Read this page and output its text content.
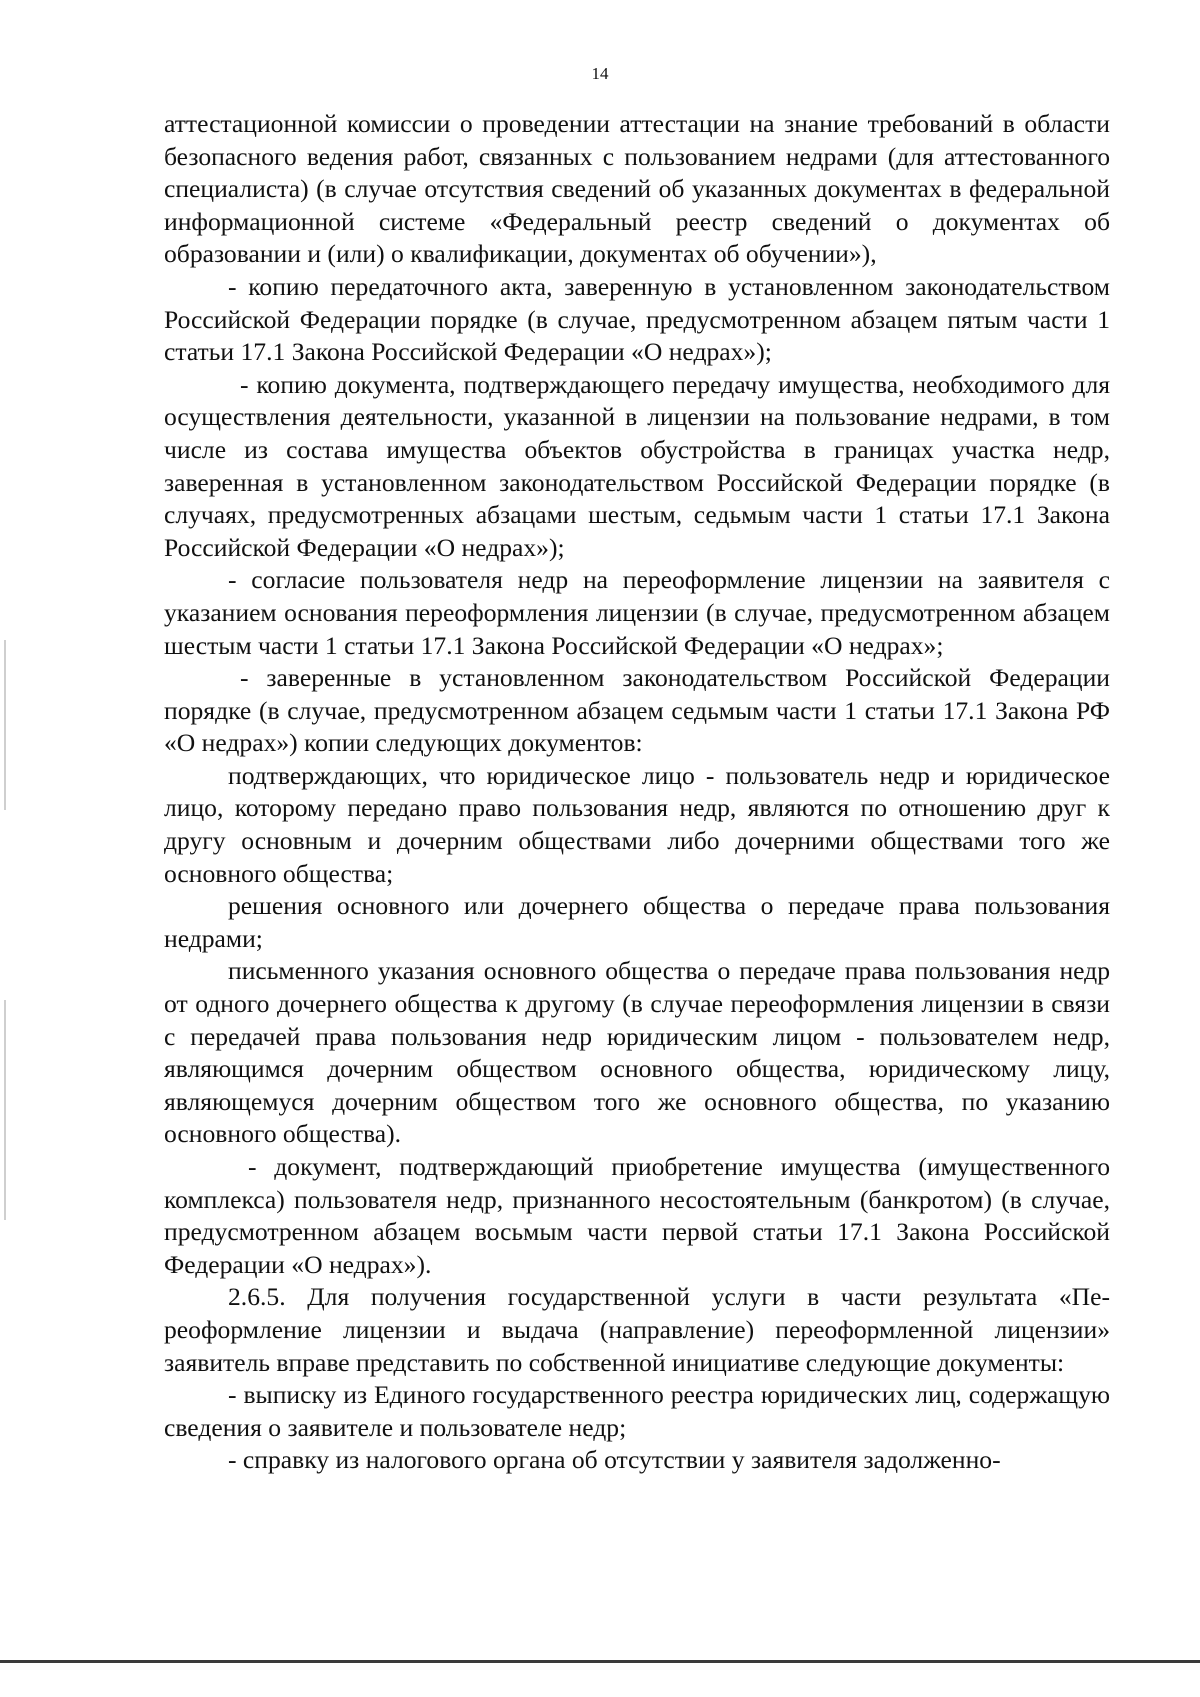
14

аттестационной комиссии о проведении аттестации на знание требований в области безопасного ведения работ, связанных с пользованием недрами (для аттестованного специалиста) (в случае отсутствия сведений об указанных документах в федеральной информационной системе «Федеральный реестр сведений о документах об образовании и (или) о квалификации, документах об обучении»),

- копию передаточного акта, заверенную в установленном законодательством Российской Федерации порядке (в случае, предусмотренном абзацем пятым части 1 статьи 17.1 Закона Российской Федерации «О недрах»);

- копию документа, подтверждающего передачу имущества, необходимого для осуществления деятельности, указанной в лицензии на пользование недрами, в том числе из состава имущества объектов обустройства в границах участка недр, заверенная в установленном законодательством Российской Федерации порядке (в случаях, предусмотренных абзацами шестым, седьмым части 1 статьи 17.1 Закона Российской Федерации «О недрах»);

- согласие пользователя недр на переоформление лицензии на заявителя с указанием основания переоформления лицензии (в случае, предусмотренном абзацем шестым части 1 статьи 17.1 Закона Российской Федерации «О недрах»;

- заверенные в установленном законодательством Российской Федерации порядке (в случае, предусмотренном абзацем седьмым части 1 статьи 17.1 Закона РФ «О недрах») копии следующих документов:

подтверждающих, что юридическое лицо - пользователь недр и юридическое лицо, которому передано право пользования недр, являются по отношению друг к другу основным и дочерним обществами либо дочерними обществами того же основного общества;

решения основного или дочернего общества о передаче права пользования недрами;

письменного указания основного общества о передаче права пользования недр от одного дочернего общества к другому (в случае переоформления лицензии в связи с передачей права пользования недр юридическим лицом - пользователем недр, являющимся дочерним обществом основного общества, юридическому лицу, являющемуся дочерним обществом того же основного общества, по указанию основного общества).

- документ, подтверждающий приобретение имущества (имущественного комплекса) пользователя недр, признанного несостоятельным (банкротом) (в случае, предусмотренном абзацем восьмым части первой статьи 17.1 Закона Российской Федерации «О недрах»).

2.6.5. Для получения государственной услуги в части результата «Переоформление лицензии и выдача (направление) переоформленной лицензии» заявитель вправе представить по собственной инициативе следующие документы:

- выписку из Единого государственного реестра юридических лиц, содержащую сведения о заявителе и пользователе недр;

- справку из налогового органа об отсутствии у заявителя задолженно-
